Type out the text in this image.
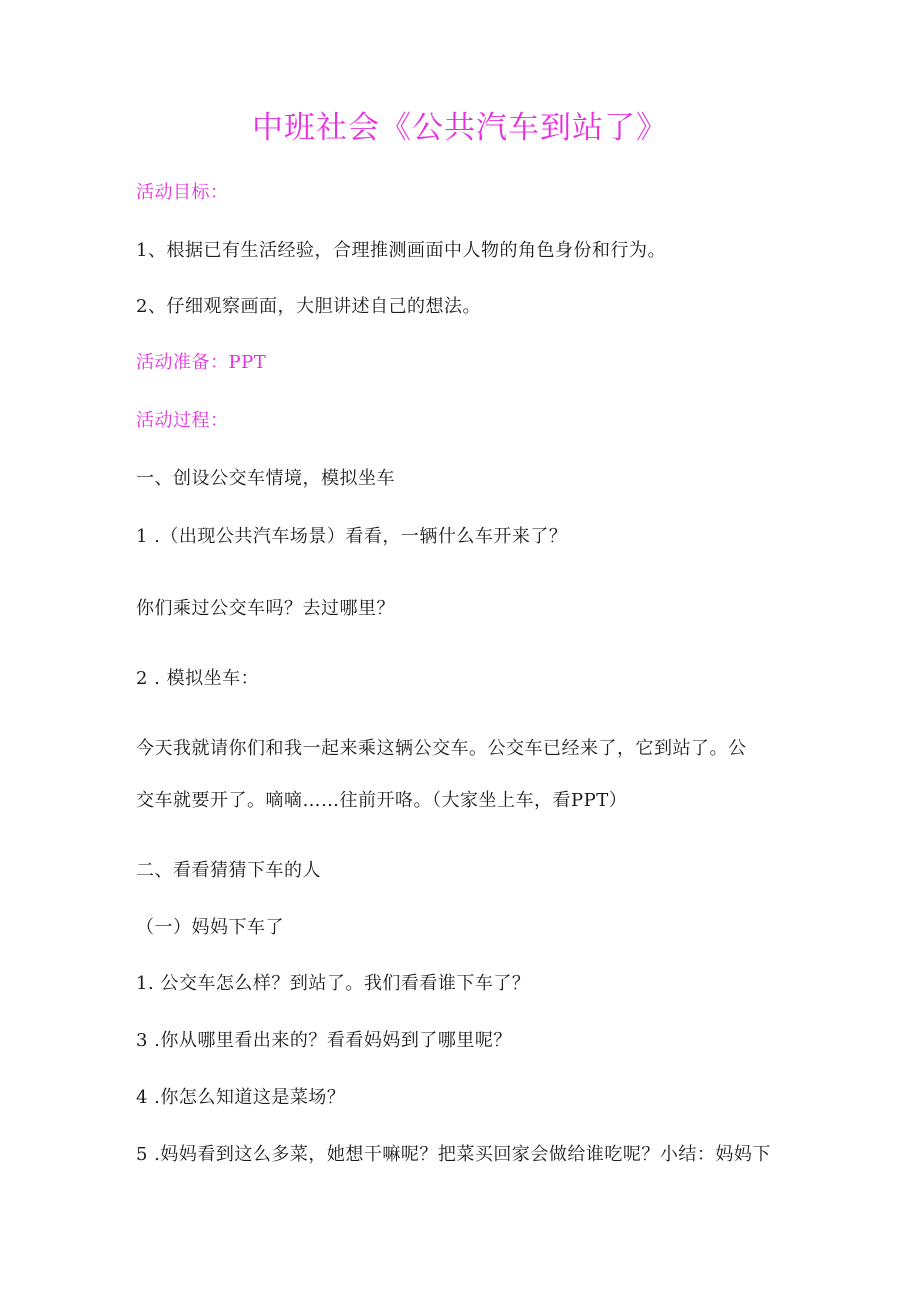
中班社会《公共汽车到站了》
活动目标：
1、根据已有生活经验，合理推测画面中人物的角色身份和行为。
2、仔细观察画面，大胆讲述自己的想法。
活动准备：PPT
活动过程：
一、创设公交车情境，模拟坐车
1 .（出现公共汽车场景）看看，一辆什么车开来了？
你们乘过公交车吗？去过哪里？
2 . 模拟坐车：
今天我就请你们和我一起来乘这辆公交车。公交车已经来了，它到站了。公
交车就要开了。嘀嘀……往前开咯。（大家坐上车，看PPT）
二、看看猜猜下车的人
（一）妈妈下车了
1. 公交车怎么样？到站了。我们看看谁下车了？
3 .你从哪里看出来的？看看妈妈到了哪里呢？
4 .你怎么知道这是菜场？
5 .妈妈看到这么多菜，她想干嘛呢？把菜买回家会做给谁吃呢？小结：妈妈下
